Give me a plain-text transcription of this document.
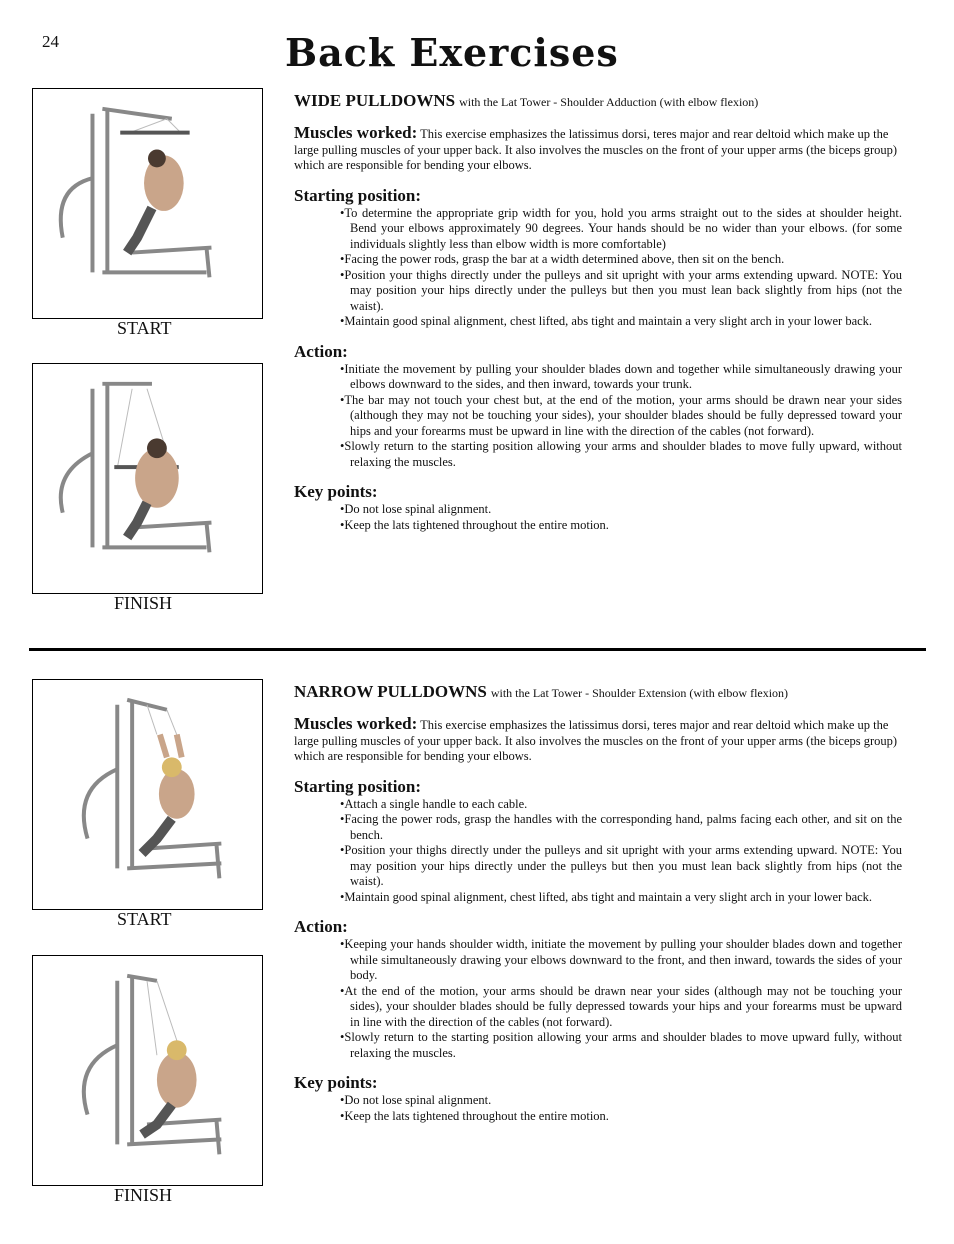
24	Back Exercises
START
FINISH
WIDE PULLDOWNS with the Lat Tower - Shoulder Adduction (with elbow flexion)
Muscles worked: This exercise emphasizes the latissimus dorsi, teres major and rear deltoid which make up the large pulling muscles of your upper back. It also involves the muscles on the front of your upper arms (the biceps group) which are responsible for bending your elbows.
Starting position:
• To determine the appropriate grip width for you, hold you arms straight out to the sides at shoulder height. Bend your elbows approximately 90 degrees. Your hands should be no wider than your elbows. (for some individuals slightly less than elbow width is more comfortable)
• Facing the power rods, grasp the bar at a width determined above, then sit on the bench.
• Position your thighs directly under the pulleys and sit upright with your arms extending upward. NOTE: You may position your hips directly under the pulleys but then you must lean back slightly from hips (not the waist).
• Maintain good spinal alignment, chest lifted, abs tight and maintain a very slight arch in your lower back.
Action:
• Initiate the movement by pulling your shoulder blades down and together while simultaneously drawing your elbows downward to the sides, and then inward, towards your trunk.
• The bar may not touch your chest but, at the end of the motion, your arms should be drawn near your sides (although they may not be touching your sides), your shoulder blades should be fully depressed toward your hips and your forearms must be upward in line with the direction of the cables (not forward).
• Slowly return to the starting position allowing your arms and shoulder blades to move fully upward, without relaxing the muscles.
Key points:
• Do not lose spinal alignment.
• Keep the lats tightened throughout the entire motion.
START
FINISH
NARROW PULLDOWNS with the Lat Tower - Shoulder Extension (with elbow flexion)
Muscles worked: This exercise emphasizes the latissimus dorsi, teres major and rear deltoid which make up the large pulling muscles of your upper back. It also involves the muscles on the front of your upper arms (the biceps group) which are responsible for bending your elbows.
Starting position:
• Attach a single handle to each cable.
• Facing the power rods, grasp the handles with the corresponding hand, palms facing each other, and sit on the bench.
• Position your thighs directly under the pulleys and sit upright with your arms extending upward. NOTE: You may position your hips directly under the pulleys but then you must lean back slightly from hips (not the waist).
• Maintain good spinal alignment, chest lifted, abs tight and maintain a very slight arch in your lower back.
Action:
• Keeping your hands shoulder width, initiate the movement by pulling your shoulder blades down and together while simultaneously drawing your elbows downward to the front, and then inward, towards the sides of your body.
• At the end of the motion, your arms should be drawn near your sides (although may not be touching your sides), your shoulder blades should be fully depressed towards your hips and your forearms must be upward in line with the direction of the cables (not forward).
• Slowly return to the starting position allowing your arms and shoulder blades to move upward fully, without relaxing the muscles.
Key points:
• Do not lose spinal alignment.
• Keep the lats tightened throughout the entire motion.
